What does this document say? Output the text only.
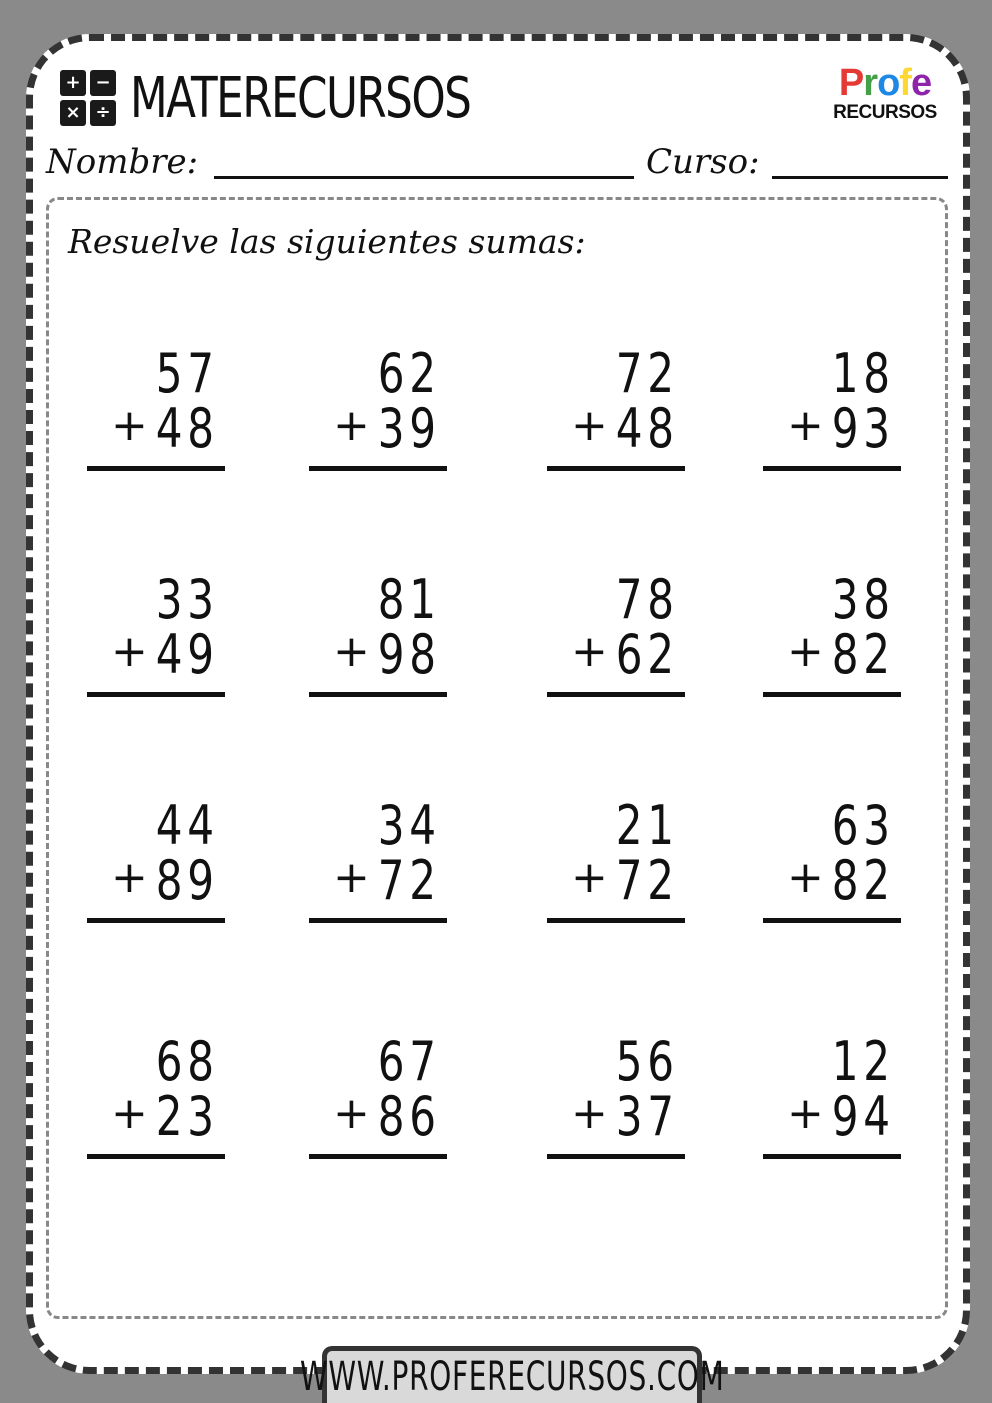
+ −
× ÷ MATERECURSOS	Profe
RECURSOS
Nombre:	Curso:
Resuelve las siguientes sumas:
57
+ 48
62
+ 39
72
+ 48
18
+ 93
33
+ 49
81
+ 98
78
+ 62
38
+ 82
44
+ 89
34
+ 72
21
+ 72
63
+ 82
68
+ 23
67
+ 86
56
+ 37
12
+ 94
WWW.PROFERECURSOS.COM
